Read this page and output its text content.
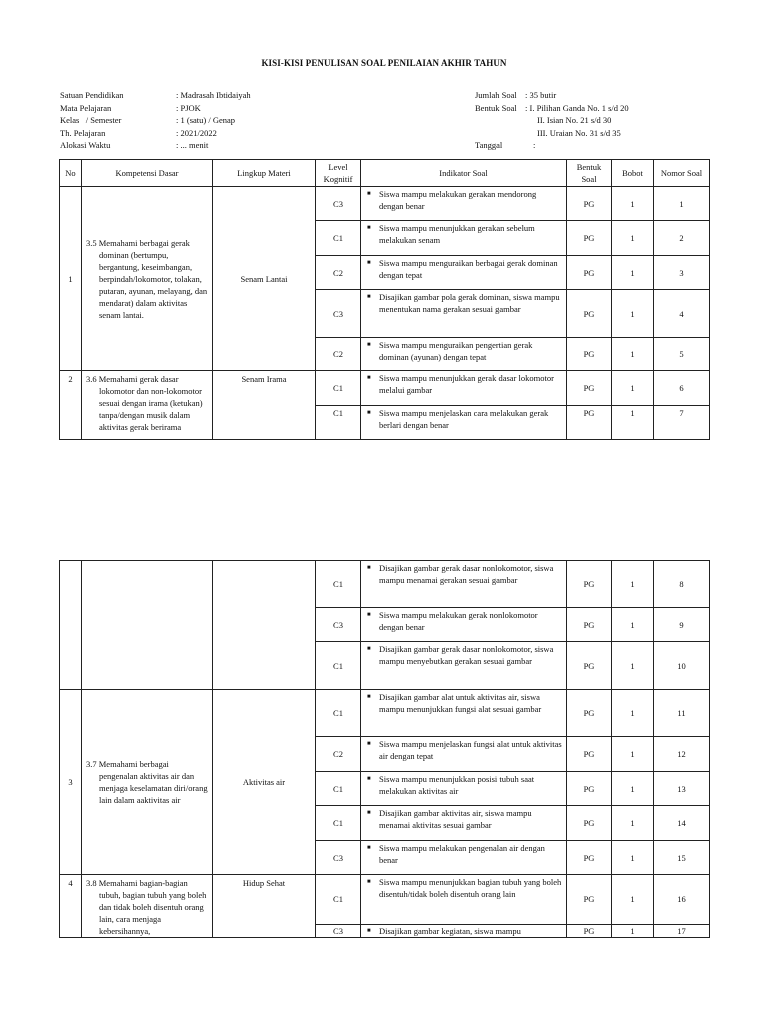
KISI-KISI PENULISAN SOAL PENILAIAN AKHIR TAHUN
Satuan Pendidikan	: Madrasah Ibtidaiyah
Mata Pelajaran	: PJOK
Kelas   / Semester	: 1 (satu) / Genap
Th. Pelajaran	: 2021/2022
Alokasi Waktu	: ... menit
Jumlah Soal : 35 butir
Bentuk Soal : I. Pilihan Ganda No. 1 s/d 20
II. Isian No. 21 s/d 30
III. Uraian No. 31 s/d 35
Tanggal	:
No	Kompetensi Dasar	Lingkup Materi	Level Kognitif	Indikator Soal	Bentuk Soal	Bobot	Nomor Soal
1	3.5 Memahami berbagai gerak dominan (bertumpu, bergantung, keseimbangan, berpindah/lokomotor, tolakan, putaran, ayunan, melayang, dan mendarat) dalam aktivitas senam lantai.	Senam Lantai	C3	■ Siswa mampu melakukan gerakan mendorong dengan benar	PG	1	1
			C1	■ Siswa mampu menunjukkan gerakan sebelum melakukan senam	PG	1	2
			C2	■ Siswa mampu menguraikan berbagai gerak dominan dengan tepat	PG	1	3
			C3	■ Disajikan gambar pola gerak dominan, siswa mampu menentukan nama gerakan sesuai gambar	PG	1	4
			C2	■ Siswa mampu menguraikan pengertian gerak dominan (ayunan) dengan tepat	PG	1	5
2	3.6 Memahami gerak dasar lokomotor dan non-lokomotor sesuai dengan irama (ketukan) tanpa/dengan musik dalam aktivitas gerak berirama	Senam Irama	C1	■ Siswa mampu menunjukkan gerak dasar lokomotor melalui gambar	PG	1	6
			C1	■ Siswa mampu menjelaskan cara melakukan gerak berlari dengan benar	PG	1	7
			C1	■ Disajikan gambar gerak dasar nonlokomotor, siswa mampu menamai gerakan sesuai gambar	PG	1	8
			C3	■ Siswa mampu melakukan gerak nonlokomotor dengan benar	PG	1	9
			C1	■ Disajikan gambar gerak dasar nonlokomotor, siswa mampu menyebutkan gerakan sesuai gambar	PG	1	10
3	3.7 Memahami berbagai pengenalan aktivitas air dan menjaga keselamatan diri/orang lain dalam aaktivitas air	Aktivitas air	C1	■ Disajikan gambar alat untuk aktivitas air, siswa mampu menunjukkan fungsi alat sesuai gambar	PG	1	11
			C2	■ Siswa mampu menjelaskan fungsi alat untuk aktivitas air dengan tepat	PG	1	12
			C1	■ Siswa mampu menunjukkan posisi tubuh saat melakukan aktivitas air	PG	1	13
			C1	■ Disajikan gambar aktivitas air, siswa mampu menamai aktivitas sesuai gambar	PG	1	14
			C3	■ Siswa mampu melakukan pengenalan air dengan benar	PG	1	15
4	3.8 Memahami bagian-bagian tubuh, bagian tubuh yang boleh dan tidak boleh disentuh orang lain, cara menjaga kebersihannya,	Hidup Sehat	C1	■ Siswa mampu menunjukkan bagian tubuh yang boleh disentuh/tidak boleh disentuh orang lain	PG	1	16
			C3	■ Disajikan gambar kegiatan, siswa mampu	PG	1	17
